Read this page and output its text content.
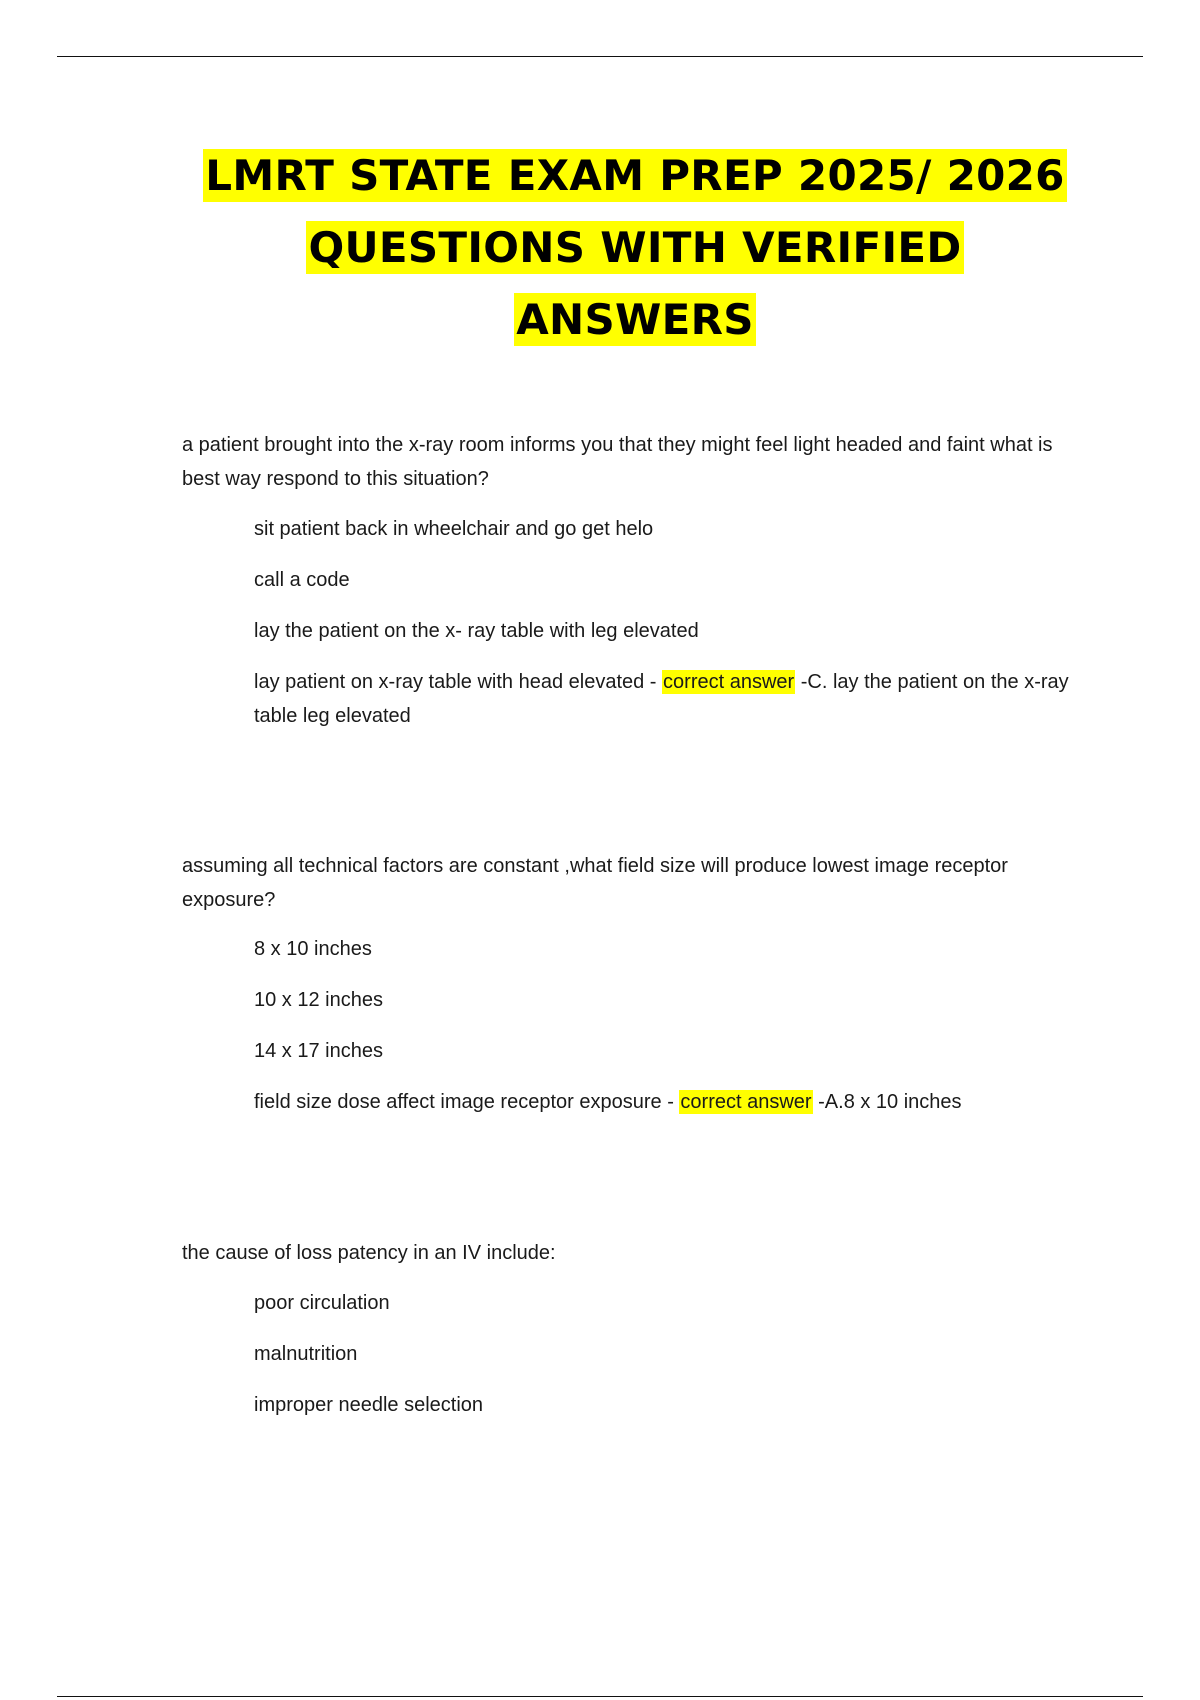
LMRT STATE EXAM PREP 2025/ 2026
QUESTIONS WITH VERIFIED
ANSWERS
a patient brought into the x-ray room informs you that they might feel light headed and faint what is best way respond to this situation?
sit patient back in wheelchair and go get helo
call a code
lay the patient on the x- ray table with leg elevated
lay patient on x-ray table with head elevated - correct answer -C. lay the patient on the x-ray table leg elevated
assuming all technical factors are constant ,what field size will produce lowest image receptor exposure?
8 x 10 inches
10 x 12 inches
14 x 17 inches
field size dose affect image receptor exposure - correct answer -A.8 x 10 inches
the cause of loss patency in an IV include:
poor circulation
malnutrition
improper needle selection
